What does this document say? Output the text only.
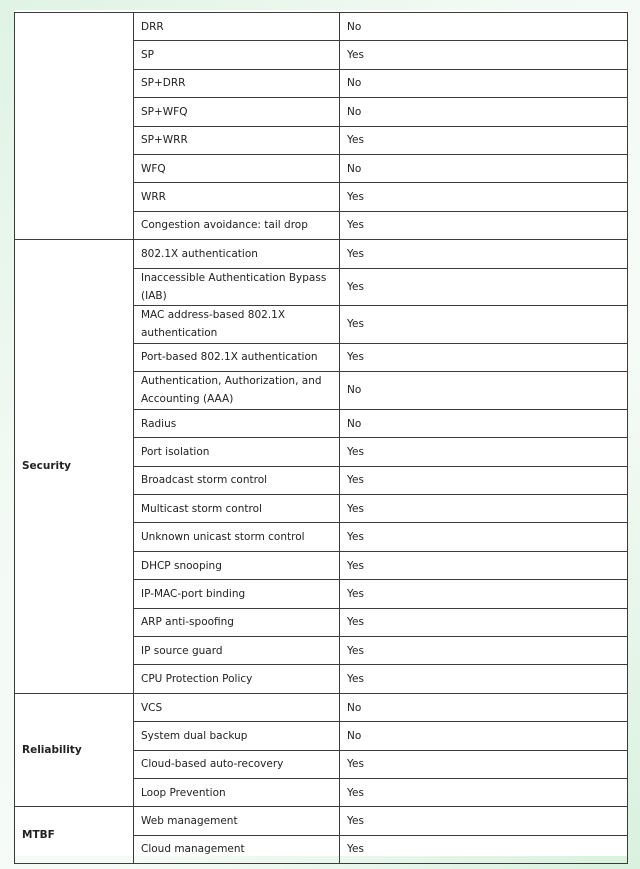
	DRR	No
	SP	Yes
	SP+DRR	No
	SP+WFQ	No
	SP+WRR	Yes
	WFQ	No
	WRR	Yes
	Congestion avoidance: tail drop	Yes
Security	802.1X authentication	Yes
	Inaccessible Authentication Bypass (IAB)	Yes
	MAC address-based 802.1X authentication	Yes
	Port-based 802.1X authentication	Yes
	Authentication, Authorization, and Accounting (AAA)	No
	Radius	No
	Port isolation	Yes
	Broadcast storm control	Yes
	Multicast storm control	Yes
	Unknown unicast storm control	Yes
	DHCP snooping	Yes
	IP-MAC-port binding	Yes
	ARP anti-spoofing	Yes
	IP source guard	Yes
	CPU Protection Policy	Yes
Reliability	VCS	No
	System dual backup	No
	Cloud-based auto-recovery	Yes
	Loop Prevention	Yes
MTBF	Web management	Yes
	Cloud management	Yes
